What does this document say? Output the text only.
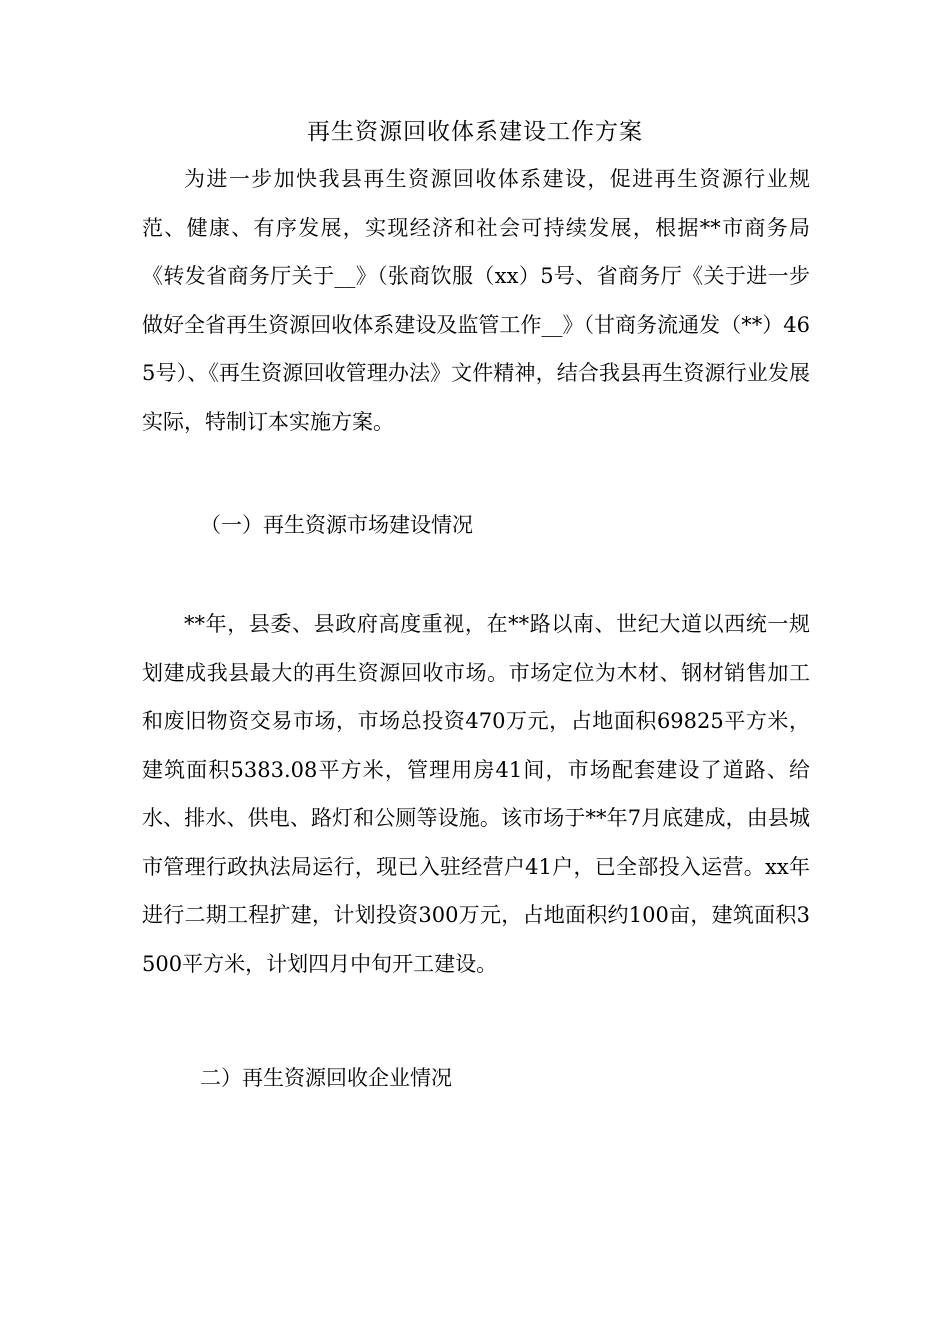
再生资源回收体系建设工作方案

为进一步加快我县再生资源回收体系建设，促进再生资源行业规范、健康、有序发展，实现经济和社会可持续发展，根据**市商务局《转发省商务厅关于__》（张商饮服（xx）5号、省商务厅《关于进一步做好全省再生资源回收体系建设及监管工作__》（甘商务流通发（**）465号）、《再生资源回收管理办法》文件精神，结合我县再生资源行业发展实际，特制订本实施方案。

（一）再生资源市场建设情况

**年，县委、县政府高度重视，在**路以南、世纪大道以西统一规划建成我县最大的再生资源回收市场。市场定位为木材、钢材销售加工和废旧物资交易市场，市场总投资470万元，占地面积69825平方米，建筑面积5383.08平方米，管理用房41间，市场配套建设了道路、给水、排水、供电、路灯和公厕等设施。该市场于**年7月底建成，由县城市管理行政执法局运行，现已入驻经营户41户，已全部投入运营。xx年进行二期工程扩建，计划投资300万元，占地面积约100亩，建筑面积3500平方米，计划四月中旬开工建设。

二）再生资源回收企业情况
